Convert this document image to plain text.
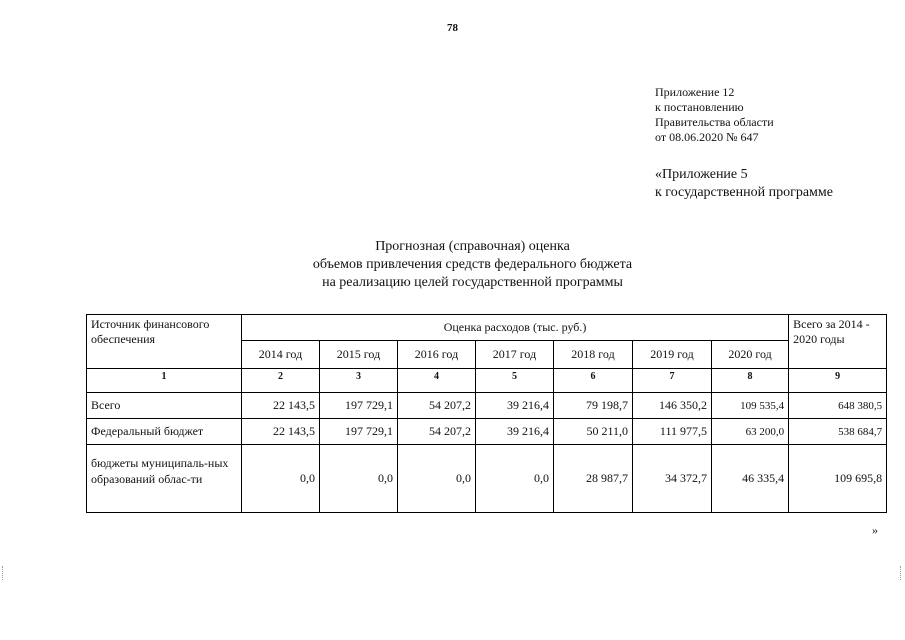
78
Приложение 12
к постановлению
Правительства области
от 08.06.2020 № 647
«Приложение 5
к государственной программе
Прогнозная (справочная) оценка
объемов привлечения средств федерального бюджета
на реализацию целей государственной программы
Источник финансового обеспечения	Оценка расходов (тыс. руб.)							Всего за 2014 - 2020 годы
	2014 год	2015 год	2016 год	2017 год	2018 год	2019 год	2020 год	
1	2	3	4	5	6	7	8	9
Всего	22 143,5	197 729,1	54 207,2	39 216,4	79 198,7	146 350,2	109 535,4	648 380,5
Федеральный бюджет	22 143,5	197 729,1	54 207,2	39 216,4	50 211,0	111 977,5	63 200,0	538 684,7
бюджеты муниципаль-ных образований облас-ти	0,0	0,0	0,0	0,0	28 987,7	34 372,7	46 335,4	109 695,8
»
